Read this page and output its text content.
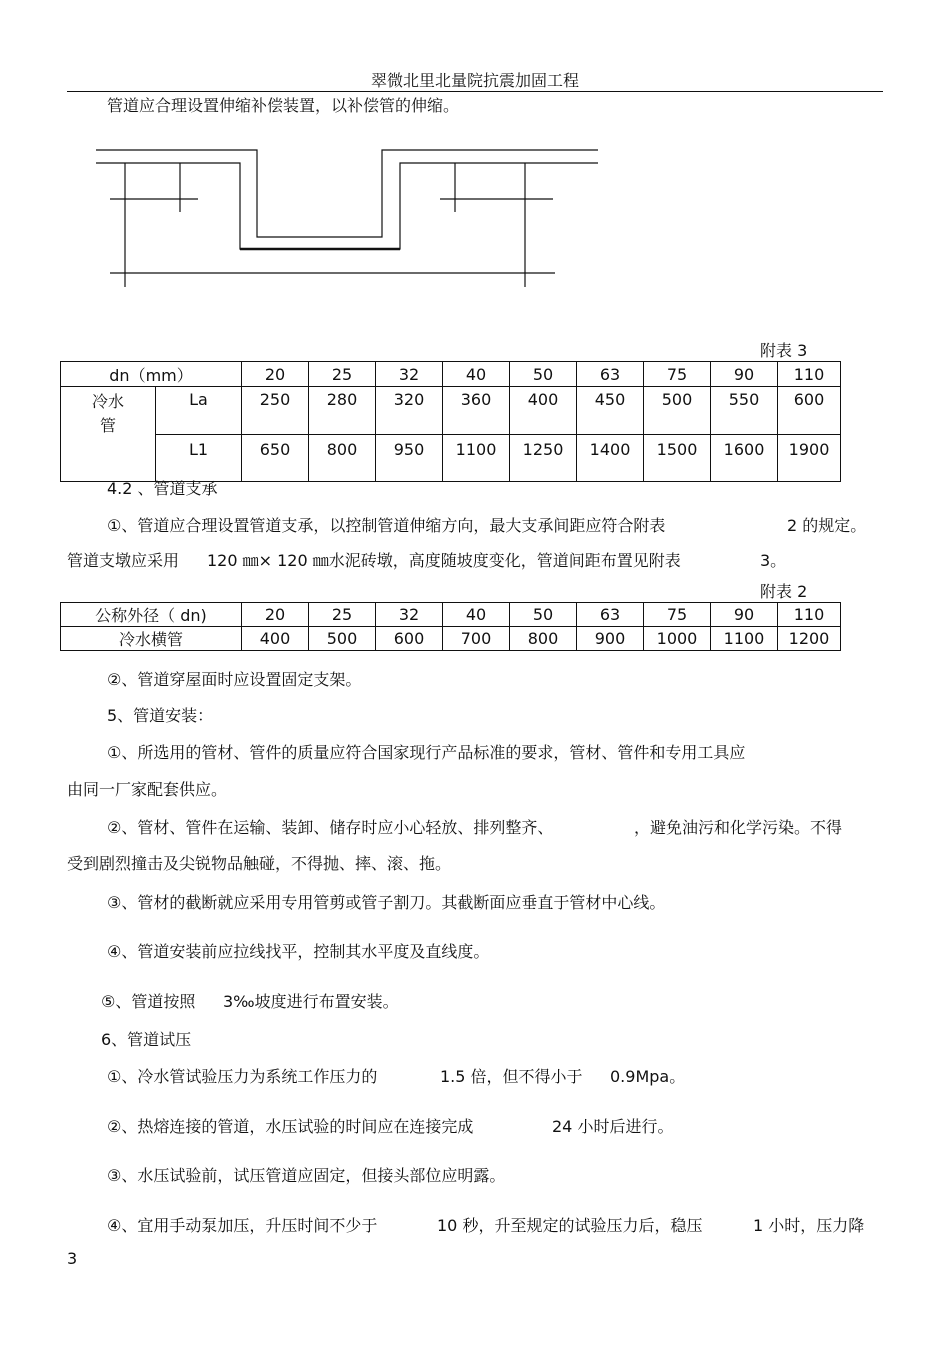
翠微北里北量院抗震加固工程
管道应合理设置伸缩补偿装置，以补偿管的伸缩。
附表 3
dn（mm）		20	25	32	40	50	63	75	90	110
冷水管	La	250	280	320	360	400	450	500	550	600
	L1	650	800	950	1100	1250	1400	1500	1600	1900
4.2 、管道支承
①、管道应合理设置管道支承，以控制管道伸缩方向，最大支承间距应符合附表	2 的规定。
管道支墩应采用 120 ㎜× 120 ㎜水泥砖墩，高度随坡度变化，管道间距布置见附表	3。
附表 2
公称外径（ dn)	20	25	32	40	50	63	75	90	110
冷水横管	400	500	600	700	800	900	1000	1100	1200
②、管道穿屋面时应设置固定支架。
5、管道安装：
①、所选用的管材、管件的质量应符合国家现行产品标准的要求，管材、管件和专用工具应
由同一厂家配套供应。
②、管材、管件在运输、装卸、储存时应小心轻放、排列整齐、	，避免油污和化学污染。不得
受到剧烈撞击及尖锐物品触碰，不得抛、摔、滚、拖。
③、管材的截断就应采用专用管剪或管子割刀。其截断面应垂直于管材中心线。
④、管道安装前应拉线找平，控制其水平度及直线度。
⑤、管道按照 3‰坡度进行布置安装。
6、管道试压
①、冷水管试验压力为系统工作压力的	1.5 倍，但不得小于 0.9Mpa。
②、热熔连接的管道，水压试验的时间应在连接完成	24 小时后进行。
③、水压试验前，试压管道应固定，但接头部位应明露。
④、宜用手动泵加压，升压时间不少于	10 秒，升至规定的试验压力后，稳压	1 小时，压力降
3
